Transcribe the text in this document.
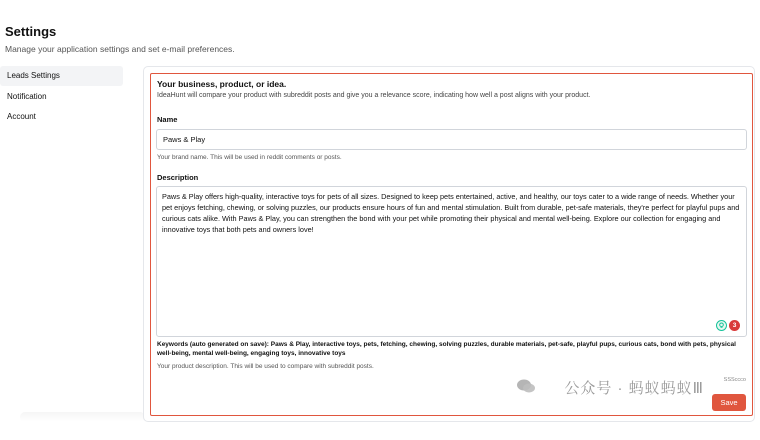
Settings
Manage your application settings and set e-mail preferences.
Leads Settings
Notification
Account
Your business, product, or idea.
IdeaHunt will compare your product with subreddit posts and give you a relevance score, indicating how well a post aligns with your product.
Name
Paws & Play
Your brand name. This will be used in reddit comments or posts.
Description
Paws & Play offers high-quality, interactive toys for pets of all sizes. Designed to keep pets entertained, active, and healthy, our toys cater to a wide range of needs. Whether your pet enjoys fetching, chewing, or solving puzzles, our products ensure hours of fun and mental stimulation. Built from durable, pet-safe materials, they're perfect for playful pups and curious cats alike. With Paws & Play, you can strengthen the bond with your pet while promoting their physical and mental well-being. Explore our collection for engaging and innovative toys that both pets and owners love!
3
Keywords (auto generated on save): Paws & Play, interactive toys, pets, fetching, chewing, solving puzzles, durable materials, pet-safe, playful pups, curious cats, bond with pets, physical well-being, mental well-being, engaging toys, innovative toys
Your product description. This will be used to compare with subreddit posts.
公众号 · 蚂蚁蚂蚁Ⅲ	SSSccco
Save
